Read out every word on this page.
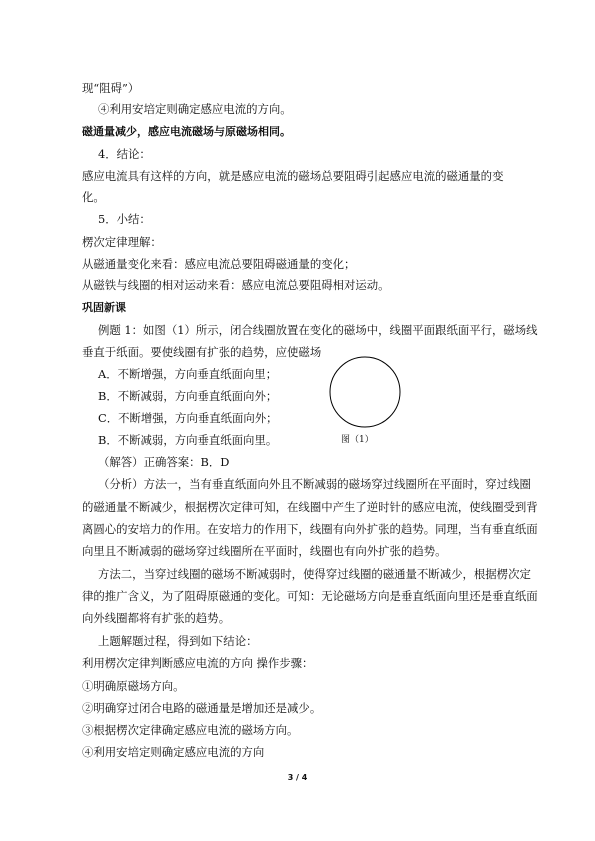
现“阻碍”）
④利用安培定则确定感应电流的方向。
磁通量减少，感应电流磁场与原磁场相同。
4．结论：
感应电流具有这样的方向，就是感应电流的磁场总要阻碍引起感应电流的磁通量的变
化。
5．小结：
楞次定律理解：
从磁通量变化来看：感应电流总要阻碍磁通量的变化；
从磁铁与线圈的相对运动来看：感应电流总要阻碍相对运动。
巩固新课
例题 1：如图（1）所示，闭合线圈放置在变化的磁场中，线圈平面跟纸面平行，磁场线
垂直于纸面。要使线圈有扩张的趋势，应使磁场
A．不断增强，方向垂直纸面向里；
B．不断减弱，方向垂直纸面向外；
C．不断增强，方向垂直纸面向外；
B．不断减弱，方向垂直纸面向里。
（解答）正确答案：B．D
（分析）方法一，当有垂直纸面向外且不断减弱的磁场穿过线圈所在平面时，穿过线圈
的磁通量不断减少，根据楞次定律可知，在线圈中产生了逆时针的感应电流，使线圈受到背
离圆心的安培力的作用。在安培力的作用下，线圈有向外扩张的趋势。同理，当有垂直纸面
向里且不断减弱的磁场穿过线圈所在平面时，线圈也有向外扩张的趋势。
方法二，当穿过线圈的磁场不断减弱时，使得穿过线圈的磁通量不断减少，根据楞次定
律的推广含义，为了阻碍原磁通的变化。可知：无论磁场方向是垂直纸面向里还是垂直纸面
向外线圈都将有扩张的趋势。
上题解题过程，得到如下结论：
利用楞次定律判断感应电流的方向 操作步骤：
①明确原磁场方向。
②明确穿过闭合电路的磁通量是增加还是减少。
③根据楞次定律确定感应电流的磁场方向。
④利用安培定则确定感应电流的方向
图（1）
3 / 4
